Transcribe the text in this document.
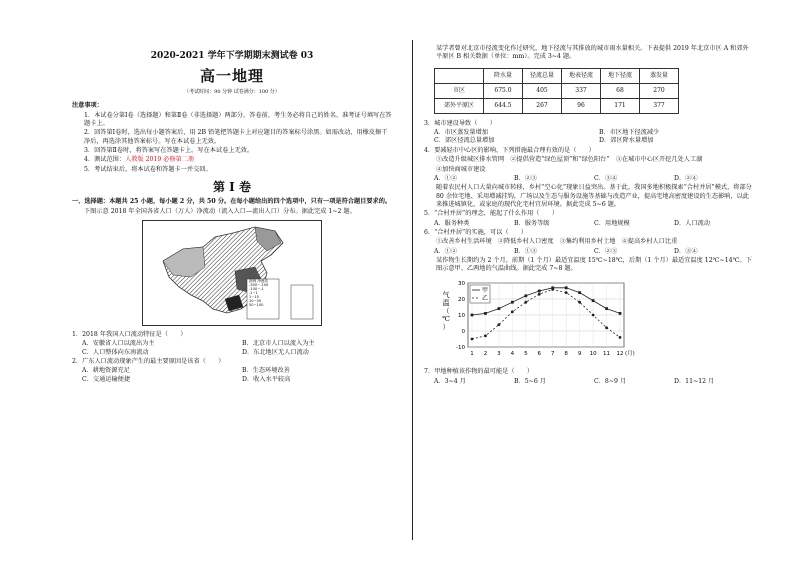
2020-2021 学年下学期期末测试卷 03
高一地理
（考试时间：90 分钟 试卷满分：100 分）
注意事项：
1．本试卷分第Ⅰ卷（选择题）和第Ⅱ卷（非选择题）两部分。答卷前，考生务必将自己的姓名、准考证号填写在答题卡上。
2．回答第Ⅰ卷时，选出每小题答案后，用 2B 铅笔把答题卡上对应题目的答案标号涂黑。如需改动，用橡皮擦干净后，再选涂其他答案标号。写在本试卷上无效。
3．回答第Ⅱ卷时，将答案写在答题卡上。写在本试卷上无效。
4．测试范围：人教版 2019 必修第二册
5．考试结束后，将本试卷和答题卡一并交回。
第 Ⅰ 卷
一、选择题：本题共 25 小题，每小题 2 分，共 50 分。在每小题给出的四个选项中，只有一项是符合题目要求的。
下图示意 2018 年全国各省人口（万人）净流动（流入人口—流出人口）分布。据此完成 1~2 题。
图例 净流动
-300~-100
-100~-1
-1~1
1~10
10~50
50~100
1．2018 年我国人口流动特征是（　　）
A．安徽省人口以流出为主	B．北京市人口以流入为主
C．人口整体向东南流动	D．东北地区无人口流动
2．广东人口流动现象产生的最主要原因是该省（　　）
A．耕地资源充足	B．生态环境改善
C．交通运输便捷	D．收入水平较高
某学者曾对北京市径流变化作过研究，地下径流与其排放的城市雨水量相关。下表提供 2019 年北京市区 A 和郊外平原区 B 相关数据（单位：mm）。完成 3~4 题。
	降水量	径流总量	地表径流	地下径流	蒸发量
市区	675.0	405	337	68	270
郊外平原区	644.5	267	96	171	377
3．城市建设导致（　　）
A．市区蒸发量增加	B．市区地下径流减少
C．郊区径流总量增加	D．郊区降水量增加
4．要减轻市中心区的影响，下列措施最合理有效的是（　　）
①改造升级城区排水管网　②提倡营造“绿色屋顶”和“绿色阳台”　③在城市中心区开挖几处人工湖
④加快商城市建设
A．①②	B．②③	C．③④	D．②④
随着农民村人口大量向城市转移，乡村“空心化”现象日益突出。基于此，我国多地积极探索“合村并居”模式，将部分 80 余位宅地、采用增减挂钩，广场以及生态与服务设施等基础与改造产业，提高宅地高密度建设的生态影响，以此来推进城镇化，或家庭的现代化宅村宜居环境。据此完成 5~6 题。
5．“合村并居”的理念，能起了什么作用（　　）
A．服务种类	B．服务等级	C．用地规模	D．人口流动
6．“合村并居”的实施，可以（　　）
①改善乡村生活环境　②降低乡村人口密度　③集约利用乡村土地　④提高乡村人口比重
A．①②	B．①③	C．②③	D．③④
某作物生长期约为 2 个月，前期（1 个月）最适宜温度 15℃~18℃，后期（1 个月）最适宜温度 12℃~14℃。下图示意甲、乙两地的气温曲线。据此完成 7~8 题。
-10
0
10
20
30
1 2 3 4 5 6 7 8 9 10 11 12 (月)
气
温
（
℃
）
甲
乙
7．甲地种植该作物的最可能是（　　）
A．3~4 月	B．5~6 月	C．8~9 月	D．11~12 月
